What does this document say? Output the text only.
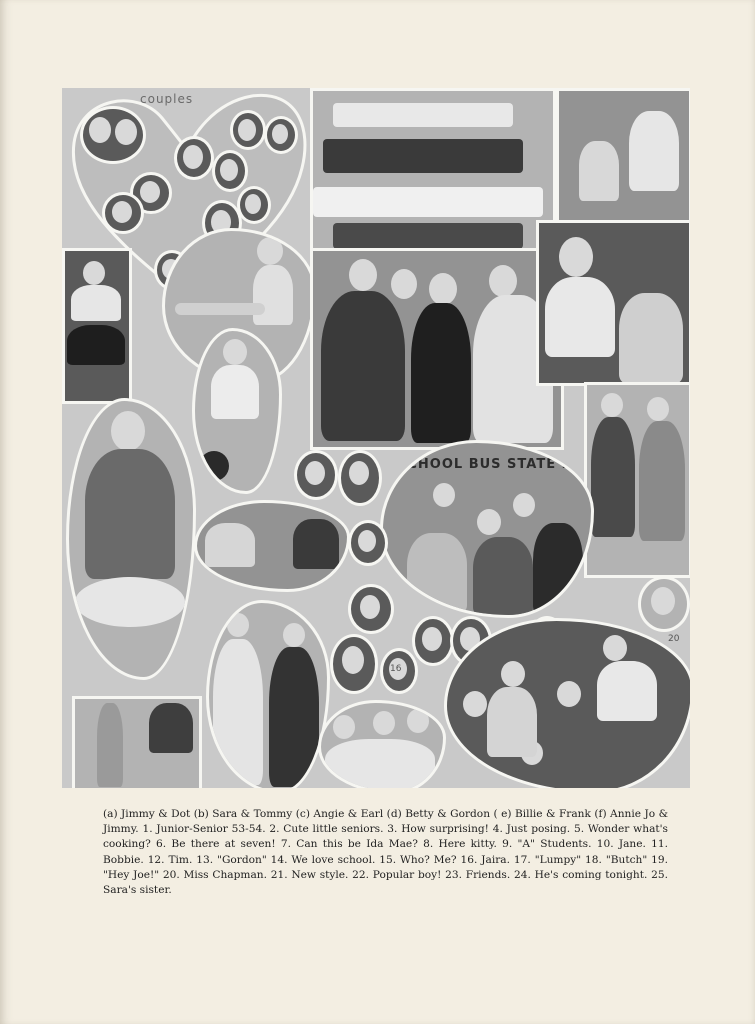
couples
SCHOOL BUS STATE LA
16
20

(a) Jimmy & Dot (b) Sara & Tommy (c) Angie & Earl (d) Betty & Gordon ( e) Billie & Frank (f) Annie Jo & Jimmy. 1. Junior-Senior 53-54. 2. Cute little seniors. 3. How surprising! 4. Just posing. 5. Wonder what's cooking? 6. Be there at seven! 7. Can this be Ida Mae? 8. Here kitty. 9. "A" Students. 10. Jane. 11. Bobbie. 12. Tim. 13. "Gordon" 14. We love school. 15. Who? Me? 16. Jaira. 17. "Lumpy" 18. "Butch" 19. "Hey Joe!" 20. Miss Chapman. 21. New style. 22. Popular boy! 23. Friends. 24. He's coming tonight. 25. Sara's sister.
